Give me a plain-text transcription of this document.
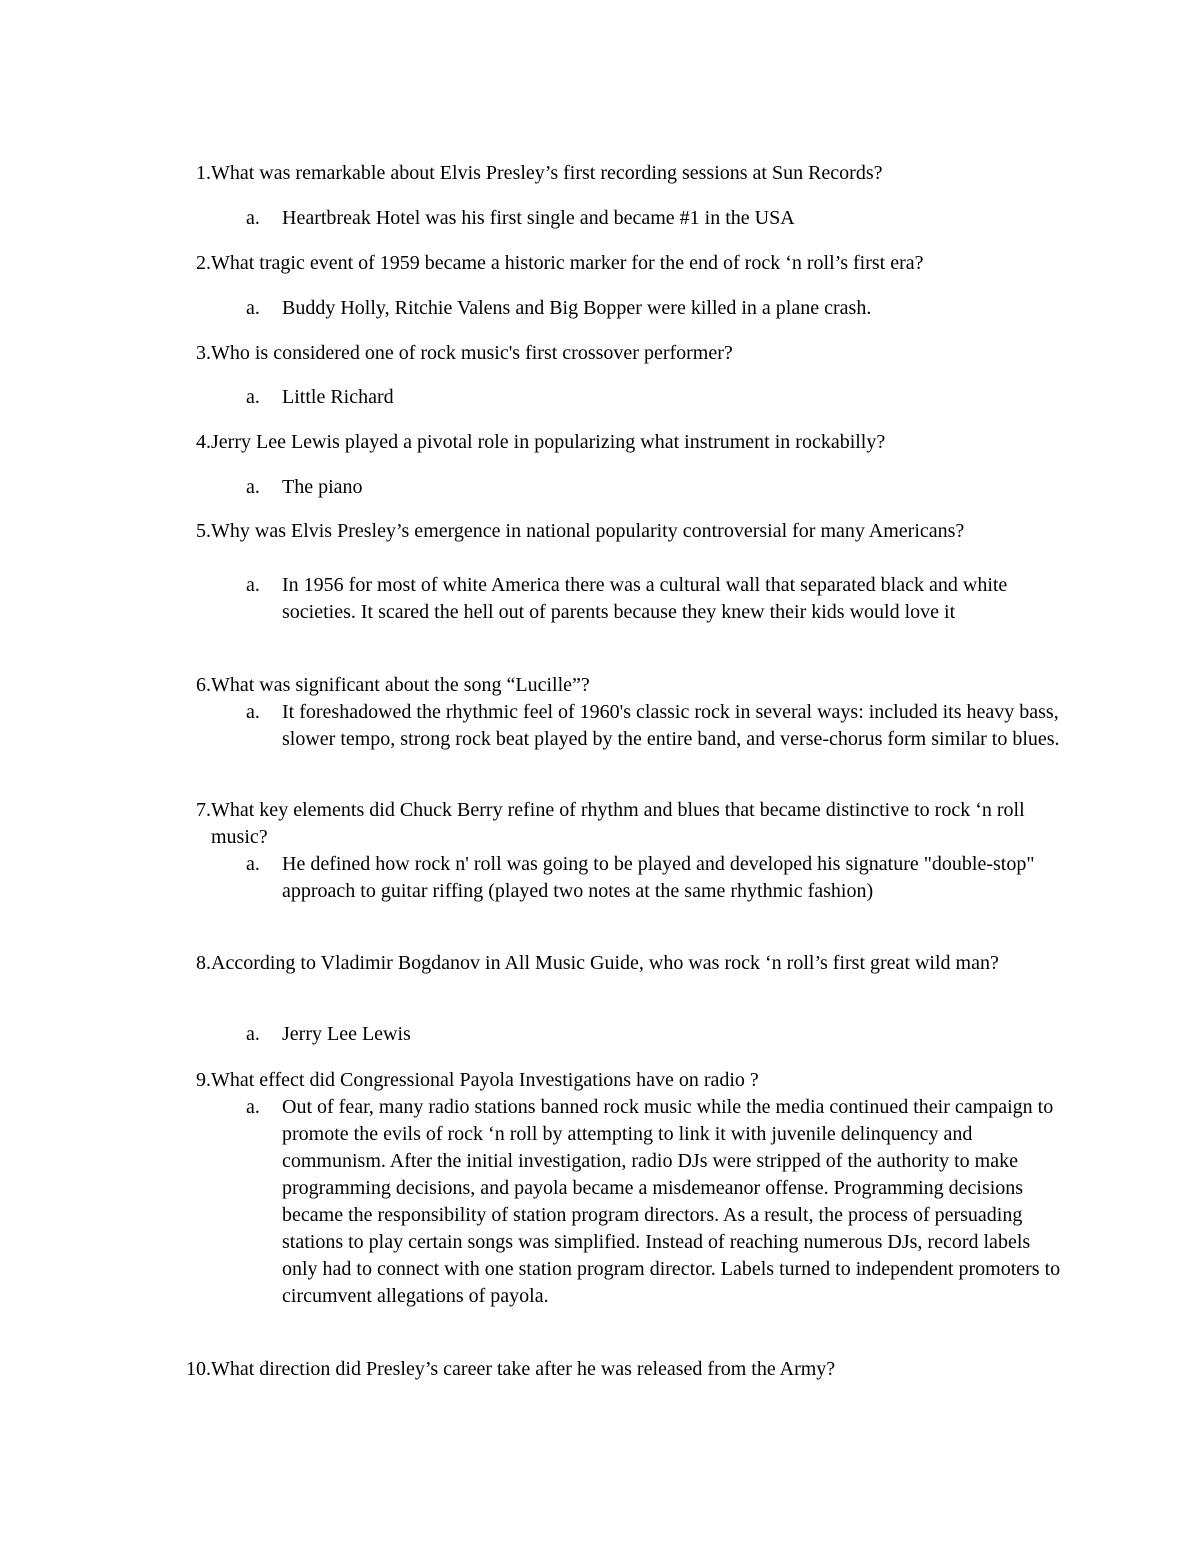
1. What was remarkable about Elvis Presley’s first recording sessions at Sun Records?
a.	Heartbreak Hotel was his first single and became #1 in the USA
2. What tragic event of 1959 became a historic marker for the end of rock ‘n roll’s first era?
a.	Buddy Holly, Ritchie Valens and Big Bopper were killed in a plane crash.
3. Who is considered one of rock music's first crossover performer?
a.	Little Richard
4. Jerry Lee Lewis played a pivotal role in popularizing what instrument in rockabilly?
a.	The piano
5. Why was Elvis Presley’s emergence in national popularity controversial for many Americans?
a.	In 1956 for most of white America there was a cultural wall that separated black and white societies. It scared the hell out of parents because they knew their kids would love it
6. What was significant about the song “Lucille”?
a.	It foreshadowed the rhythmic feel of 1960's classic rock in several ways: included its heavy bass, slower tempo, strong rock beat played by the entire band, and verse-chorus form similar to blues.
7. What key elements did Chuck Berry refine of rhythm and blues that became distinctive to rock ‘n roll music?
a.	He defined how rock n' roll was going to be played and developed his signature "double-stop" approach to guitar riffing (played two notes at the same rhythmic fashion)
8. According to Vladimir Bogdanov in All Music Guide, who was rock ‘n roll’s first great wild man?
a.	Jerry Lee Lewis
9. What effect did Congressional Payola Investigations have on radio ?
a.	Out of fear, many radio stations banned rock music while the media continued their campaign to promote the evils of rock ‘n roll by attempting to link it with juvenile delinquency and communism. After the initial investigation, radio DJs were stripped of the authority to make programming decisions, and payola became a misdemeanor offense. Programming decisions became the responsibility of station program directors. As a result, the process of persuading stations to play certain songs was simplified. Instead of reaching numerous DJs, record labels only had to connect with one station program director. Labels turned to independent promoters to circumvent allegations of payola.
10. What direction did Presley’s career take after he was released from the Army?
